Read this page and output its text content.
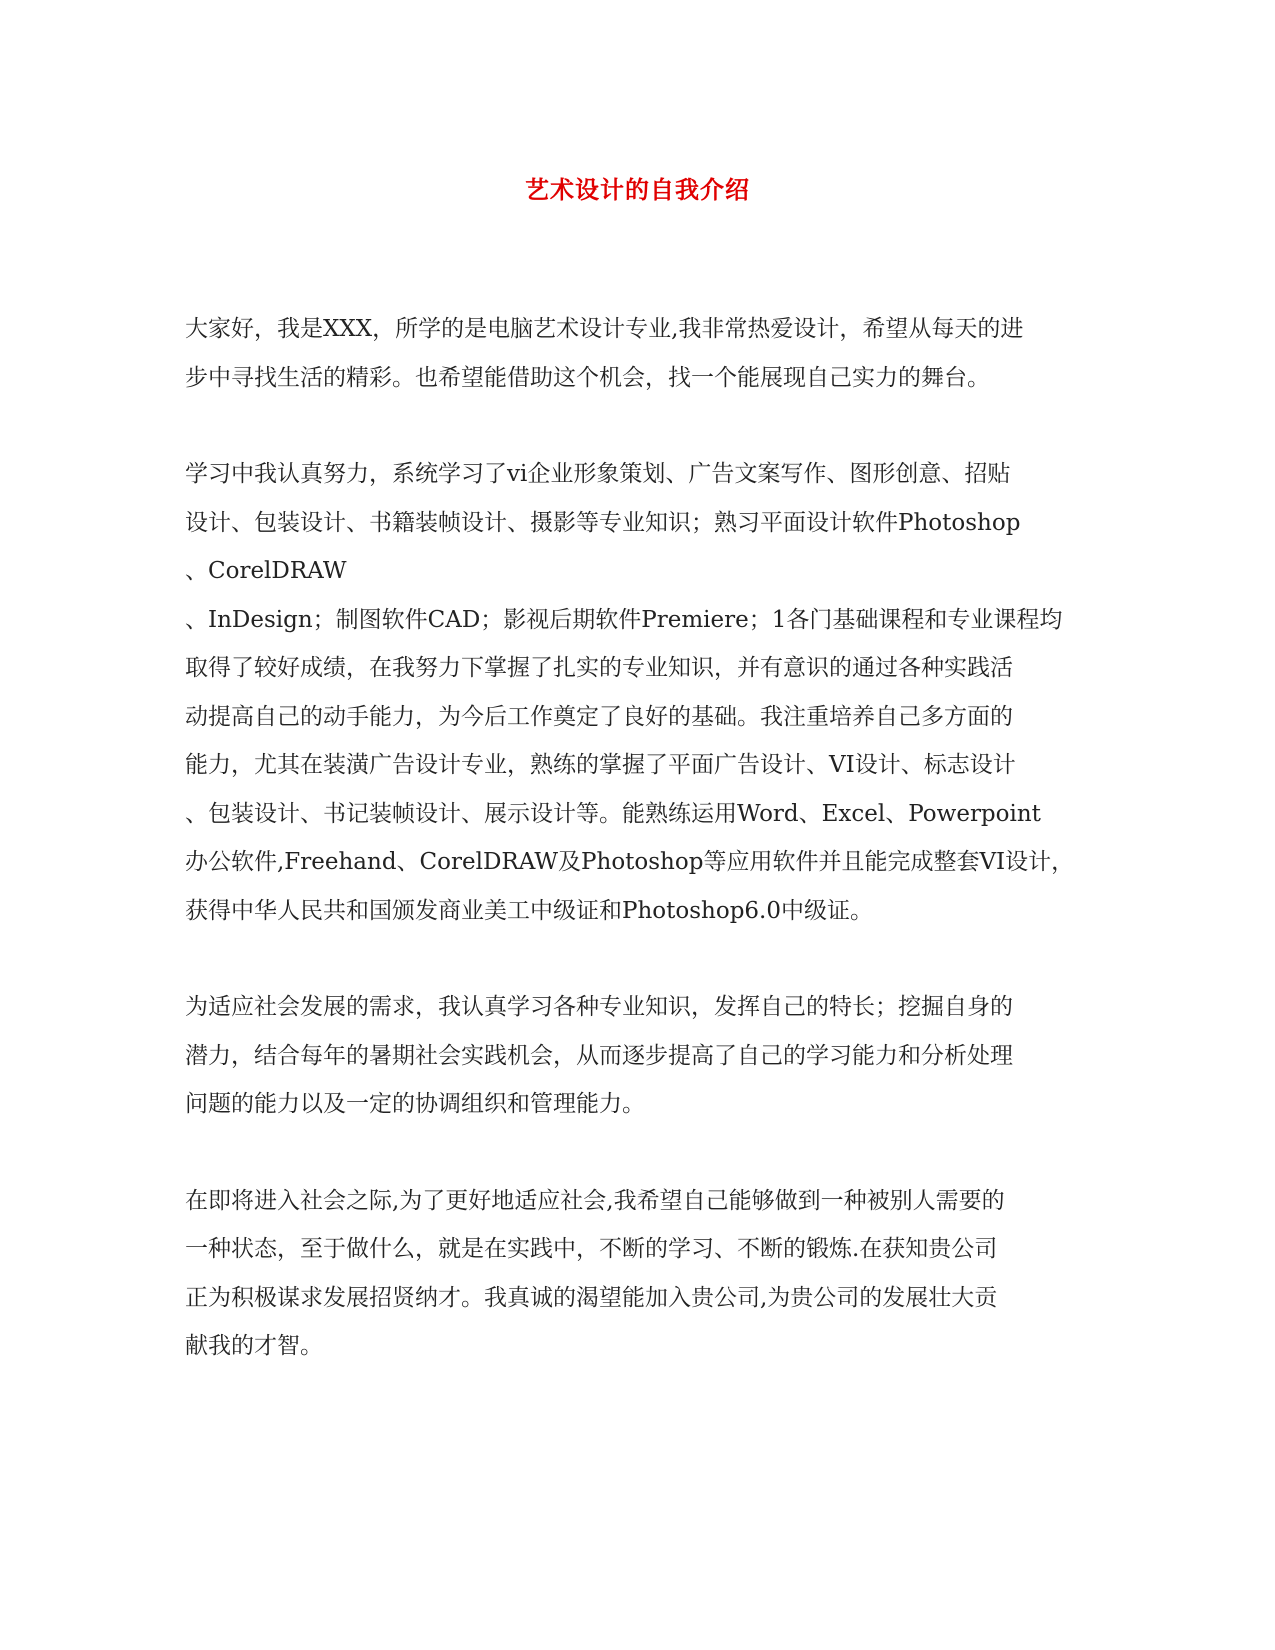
艺术设计的自我介绍

大家好，我是XXX，所学的是电脑艺术设计专业,我非常热爱设计，希望从每天的进
步中寻找生活的精彩。也希望能借助这个机会，找一个能展现自己实力的舞台。

学习中我认真努力，系统学习了vi企业形象策划、广告文案写作、图形创意、招贴
设计、包装设计、书籍装帧设计、摄影等专业知识；熟习平面设计软件Photoshop
、CorelDRAW
、InDesign；制图软件CAD；影视后期软件Premiere；1各门基础课程和专业课程均
取得了较好成绩，在我努力下掌握了扎实的专业知识，并有意识的通过各种实践活
动提高自己的动手能力，为今后工作奠定了良好的基础。我注重培养自己多方面的
能力，尤其在装潢广告设计专业，熟练的掌握了平面广告设计、VI设计、标志设计
、包装设计、书记装帧设计、展示设计等。能熟练运用Word、Excel、Powerpoint
办公软件,Freehand、CorelDRAW及Photoshop等应用软件并且能完成整套VI设计，
获得中华人民共和国颁发商业美工中级证和Photoshop6.0中级证。

为适应社会发展的需求，我认真学习各种专业知识，发挥自己的特长；挖掘自身的
潜力，结合每年的暑期社会实践机会，从而逐步提高了自己的学习能力和分析处理
问题的能力以及一定的协调组织和管理能力。

在即将进入社会之际,为了更好地适应社会,我希望自己能够做到一种被别人需要的
一种状态，至于做什么，就是在实践中，不断的学习、不断的锻炼.在获知贵公司
正为积极谋求发展招贤纳才。我真诚的渴望能加入贵公司,为贵公司的发展壮大贡
献我的才智。
